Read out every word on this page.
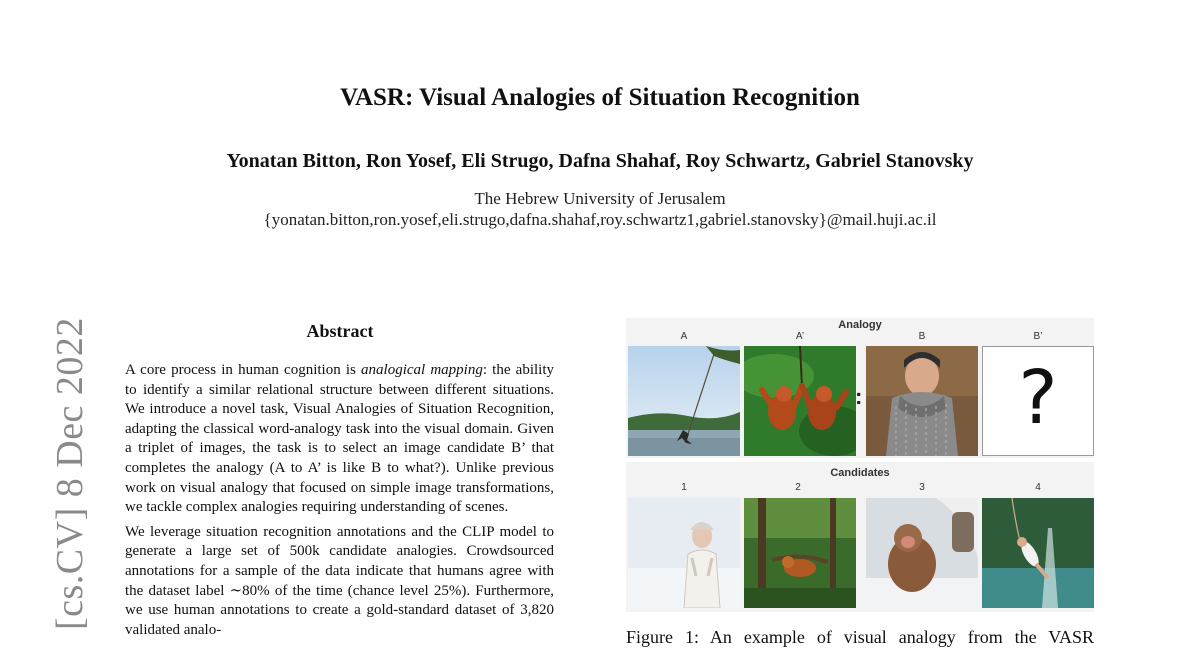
VASR: Visual Analogies of Situation Recognition
Yonatan Bitton, Ron Yosef, Eli Strugo, Dafna Shahaf, Roy Schwartz, Gabriel Stanovsky
The Hebrew University of Jerusalem
{yonatan.bitton,ron.yosef,eli.strugo,dafna.shahaf,roy.schwartz1,gabriel.stanovsky}@mail.huji.ac.il
[cs.CV] 8 Dec 2022	Abstract

A core process in human cognition is analogical mapping: the ability to identify a similar relational structure between different situations. We introduce a novel task, Visual Analogies of Situation Recognition, adapting the classical word-analogy task into the visual domain. Given a triplet of images, the task is to select an image candidate B’ that completes the analogy (A to A’ is like B to what?). Unlike previous work on visual analogy that focused on simple image transformations, we tackle complex analogies requiring understanding of scenes.

We leverage situation recognition annotations and the CLIP model to generate a large set of 500k candidate analogies. Crowdsourced annotations for a sample of the data indicate that humans agree with the dataset label ∼80% of the time (chance level 25%). Furthermore, we use human annotations to create a gold-standard dataset of 3,820 validated analo-

Analogy
A	A’	B	B’
:	?
Candidates
1	2	3	4
Figure 1: An example of visual analogy from the VASR
